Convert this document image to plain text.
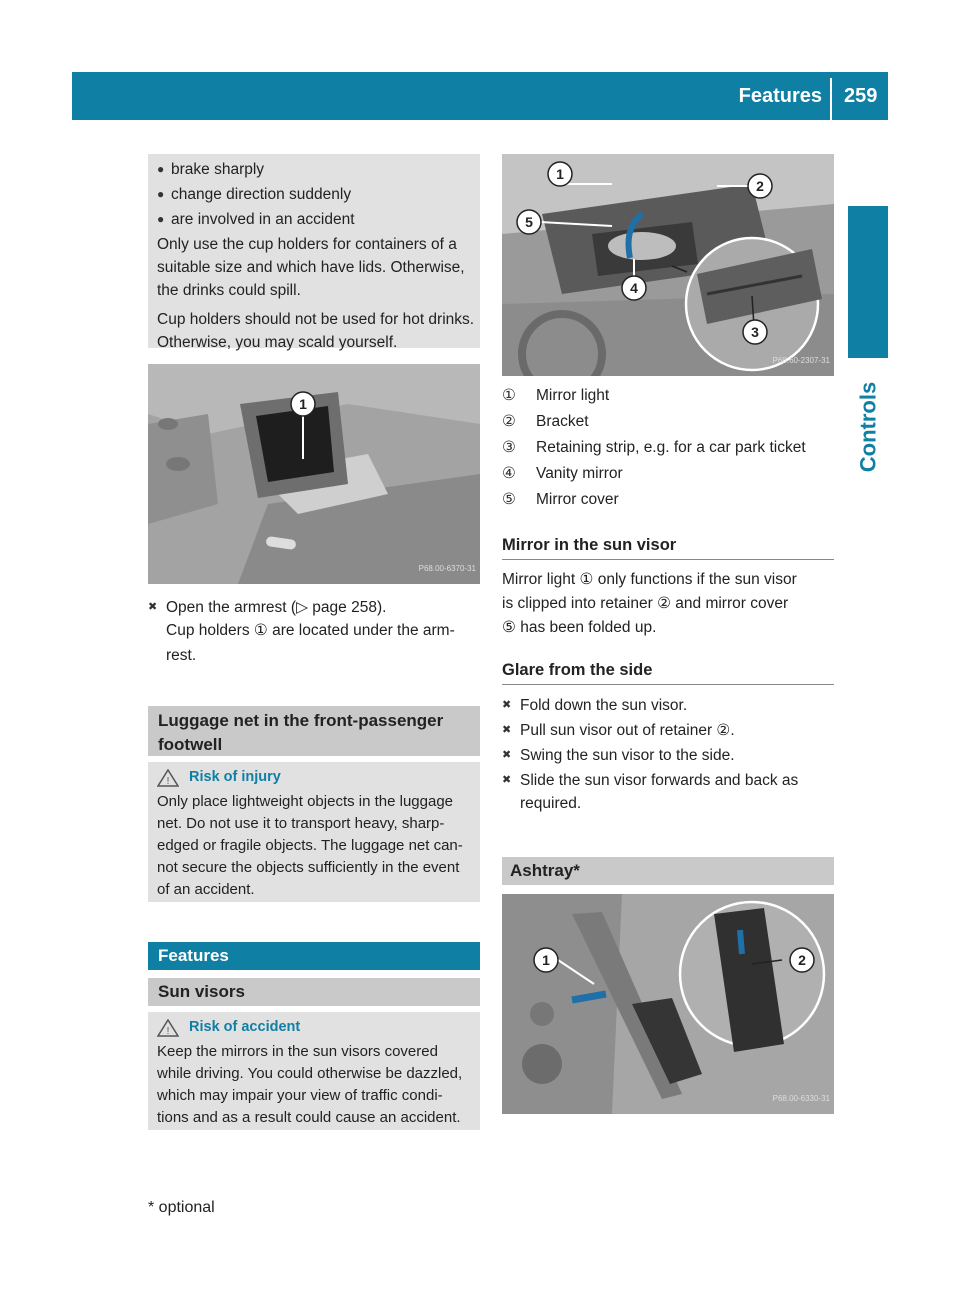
Features 259
Controls
● brake sharply
● change direction suddenly
● are involved in an accident
Only use the cup holders for containers of a suitable size and which have lids. Otherwise, the drinks could spill.
Cup holders should not be used for hot drinks. Otherwise, you may scald yourself.
1
P68.00-6370-31
✖ Open the armrest (▷ page 258).
Cup holders ① are located under the arm-
rest.
Luggage net in the front-passenger
footwell
! Risk of injury
Only place lightweight objects in the luggage
net. Do not use it to transport heavy, sharp-
edged or fragile objects. The luggage net can-
not secure the objects sufficiently in the event
of an accident.
Features
Sun visors
! Risk of accident
Keep the mirrors in the sun visors covered
while driving. You could otherwise be dazzled,
which may impair your view of traffic condi-
tions and as a result could cause an accident.
1
2
3
4
5
P68.60-2307-31
①	Mirror light
②	Bracket
③	Retaining strip, e.g. for a car park ticket
④	Vanity mirror
⑤	Mirror cover
Mirror in the sun visor
Mirror light ① only functions if the sun visor
is clipped into retainer ② and mirror cover
⑤ has been folded up.
Glare from the side
✖ Fold down the sun visor.
✖ Pull sun visor out of retainer ②.
✖ Swing the sun visor to the side.
✖ Slide the sun visor forwards and back as
required.
Ashtray*
1	2
P68.00-6330-31
* optional
